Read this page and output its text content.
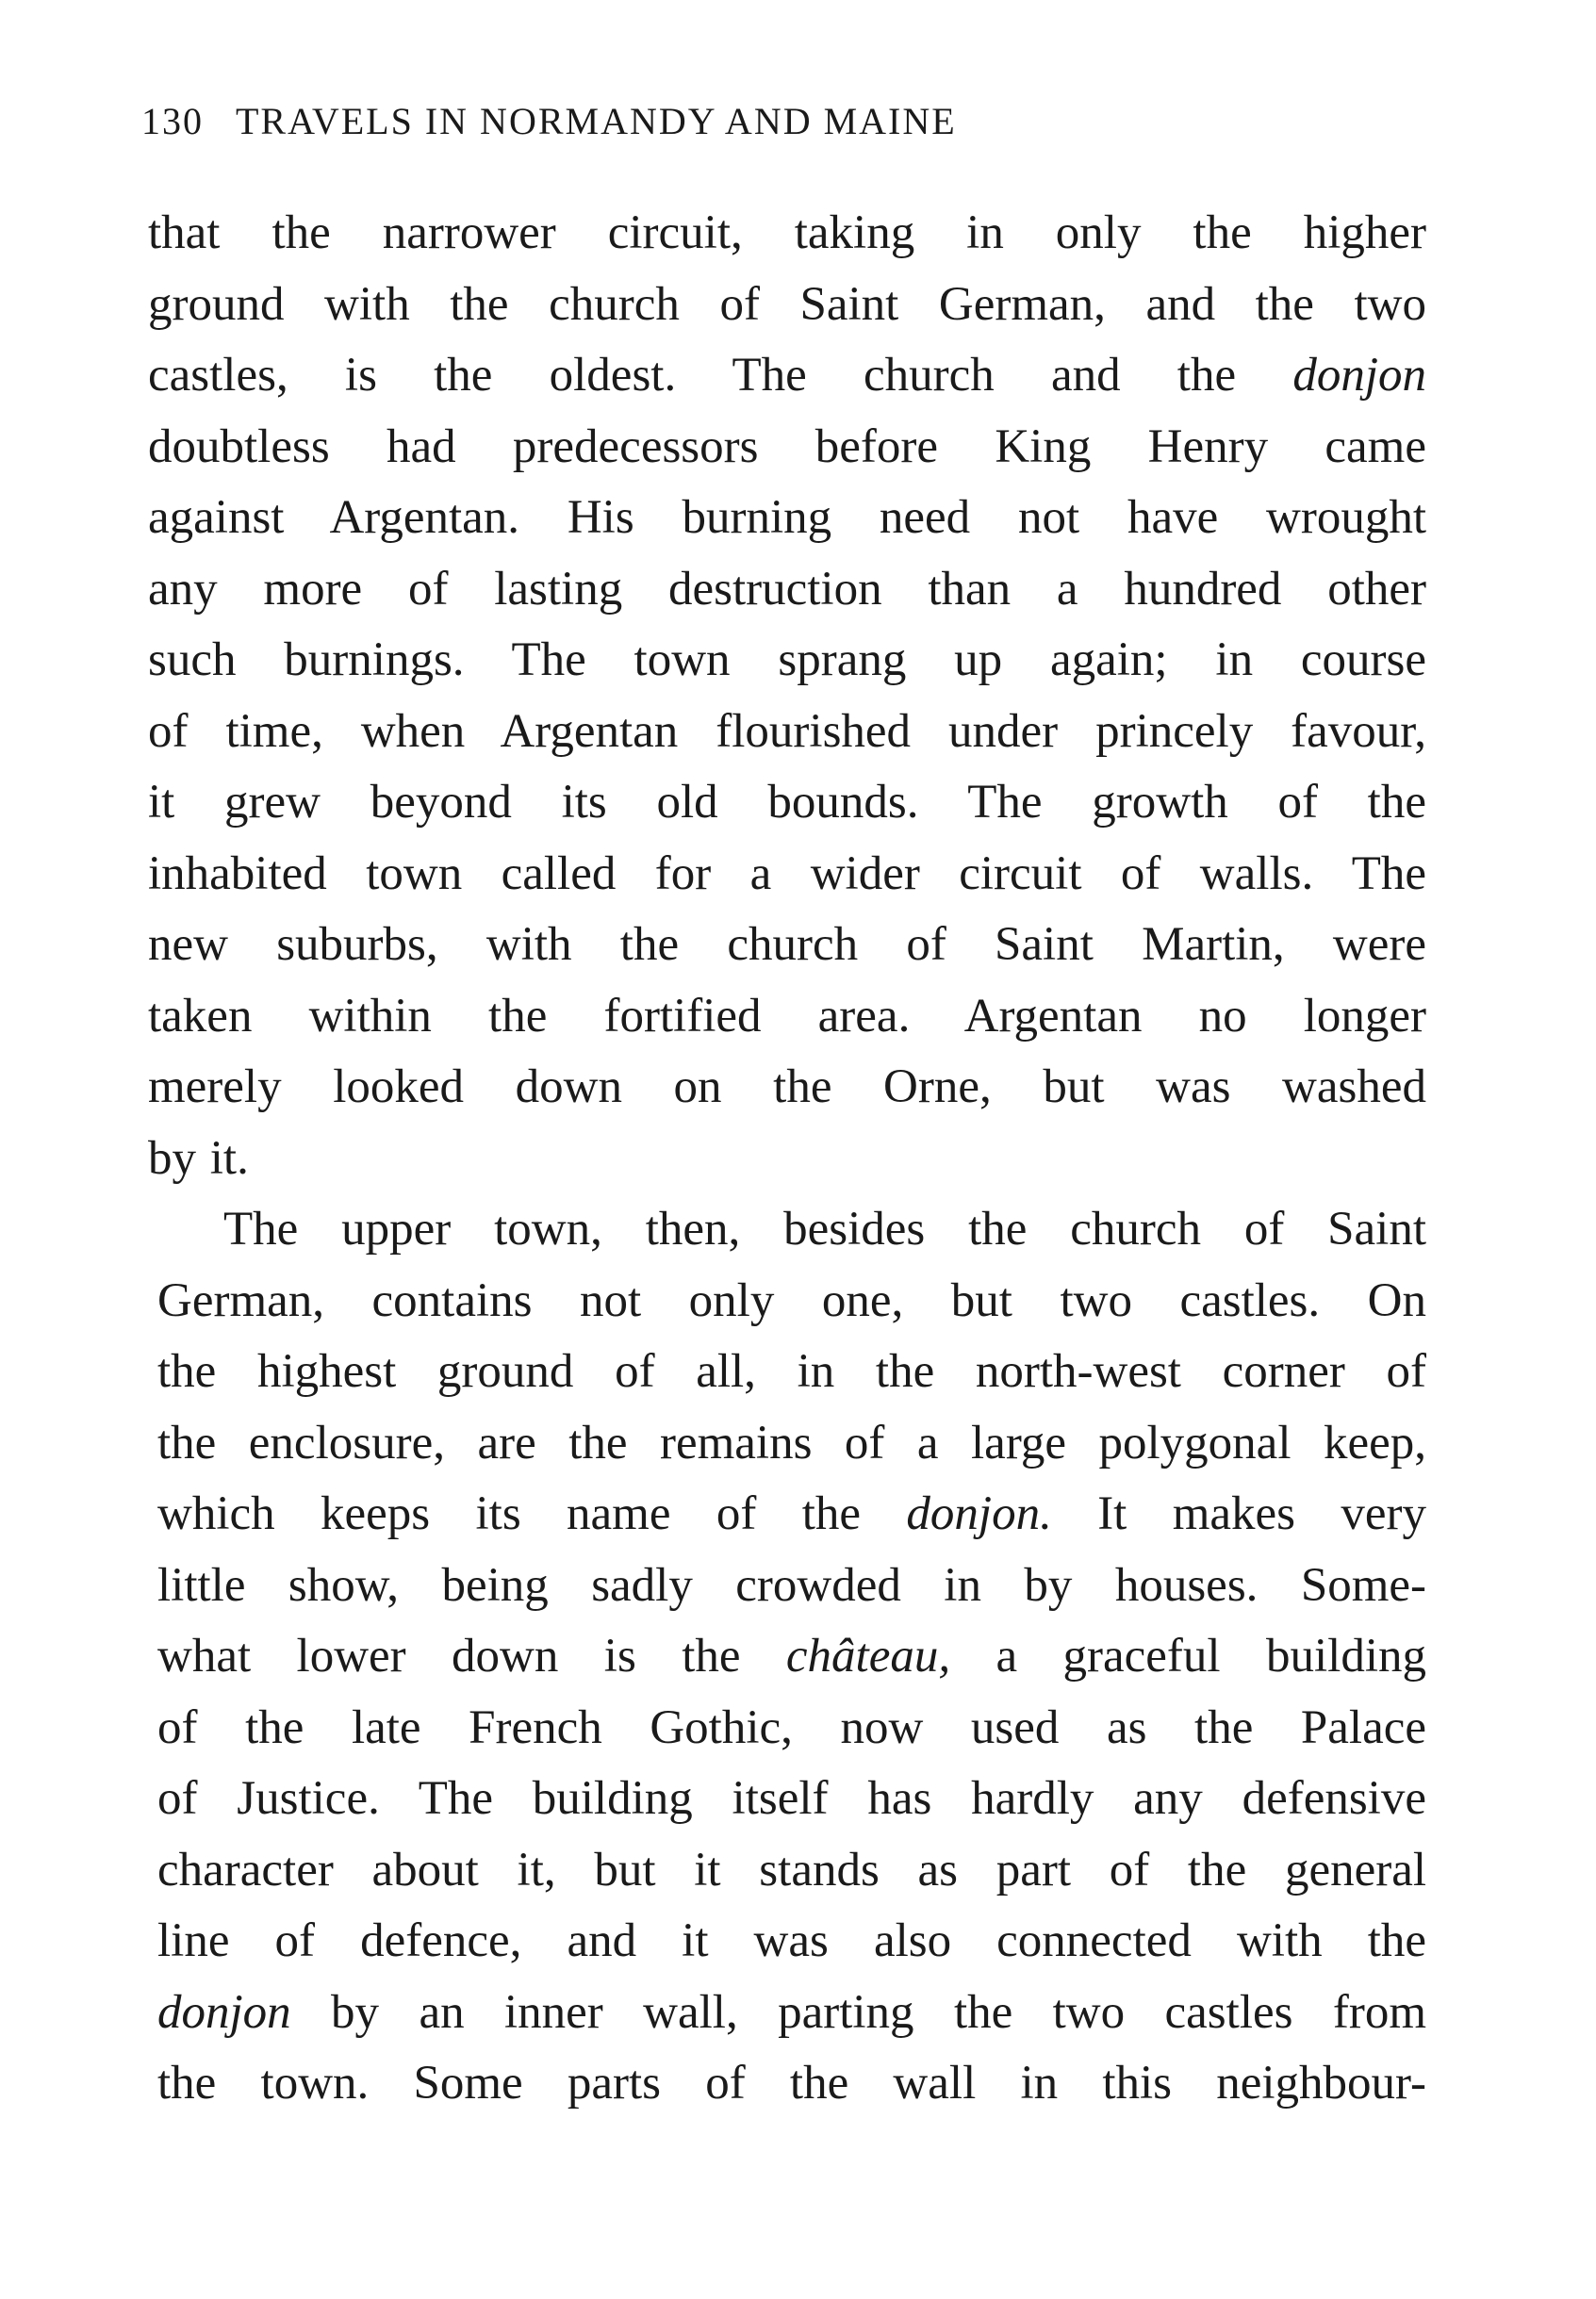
130 TRAVELS IN NORMANDY AND MAINE
that the narrower circuit, taking in only the higher
ground with the church of Saint German, and the two
castles, is the oldest. The church and the donjon
doubtless had predecessors before King Henry came
against Argentan. His burning need not have wrought
any more of lasting destruction than a hundred other
such burnings. The town sprang up again; in course
of time, when Argentan flourished under princely favour,
it grew beyond its old bounds. The growth of the
inhabited town called for a wider circuit of walls. The
new suburbs, with the church of Saint Martin, were
taken within the fortified area. Argentan no longer
merely looked down on the Orne, but was washed
by it.
The upper town, then, besides the church of Saint
German, contains not only one, but two castles. On
the highest ground of all, in the north-west corner of
the enclosure, are the remains of a large polygonal keep,
which keeps its name of the donjon. It makes very
little show, being sadly crowded in by houses. Some-
what lower down is the château, a graceful building
of the late French Gothic, now used as the Palace
of Justice. The building itself has hardly any defensive
character about it, but it stands as part of the general
line of defence, and it was also connected with the
donjon by an inner wall, parting the two castles from
the town. Some parts of the wall in this neighbour-
